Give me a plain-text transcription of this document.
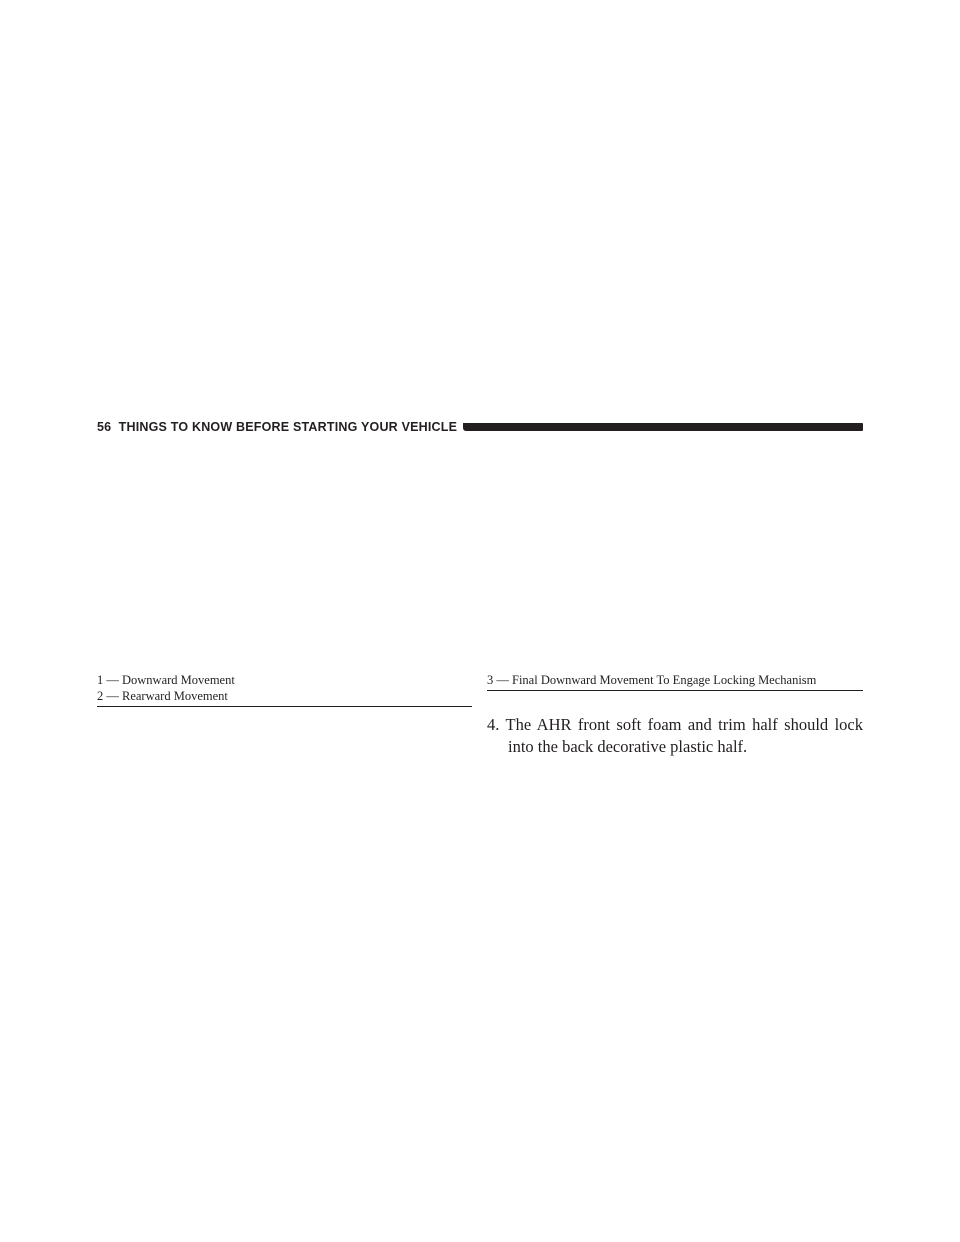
56 THINGS TO KNOW BEFORE STARTING YOUR VEHICLE
1 — Downward Movement
2 — Rearward Movement
3 — Final Downward Movement To Engage Locking Mechanism
4. The AHR front soft foam and trim half should lock
into the back decorative plastic half.
